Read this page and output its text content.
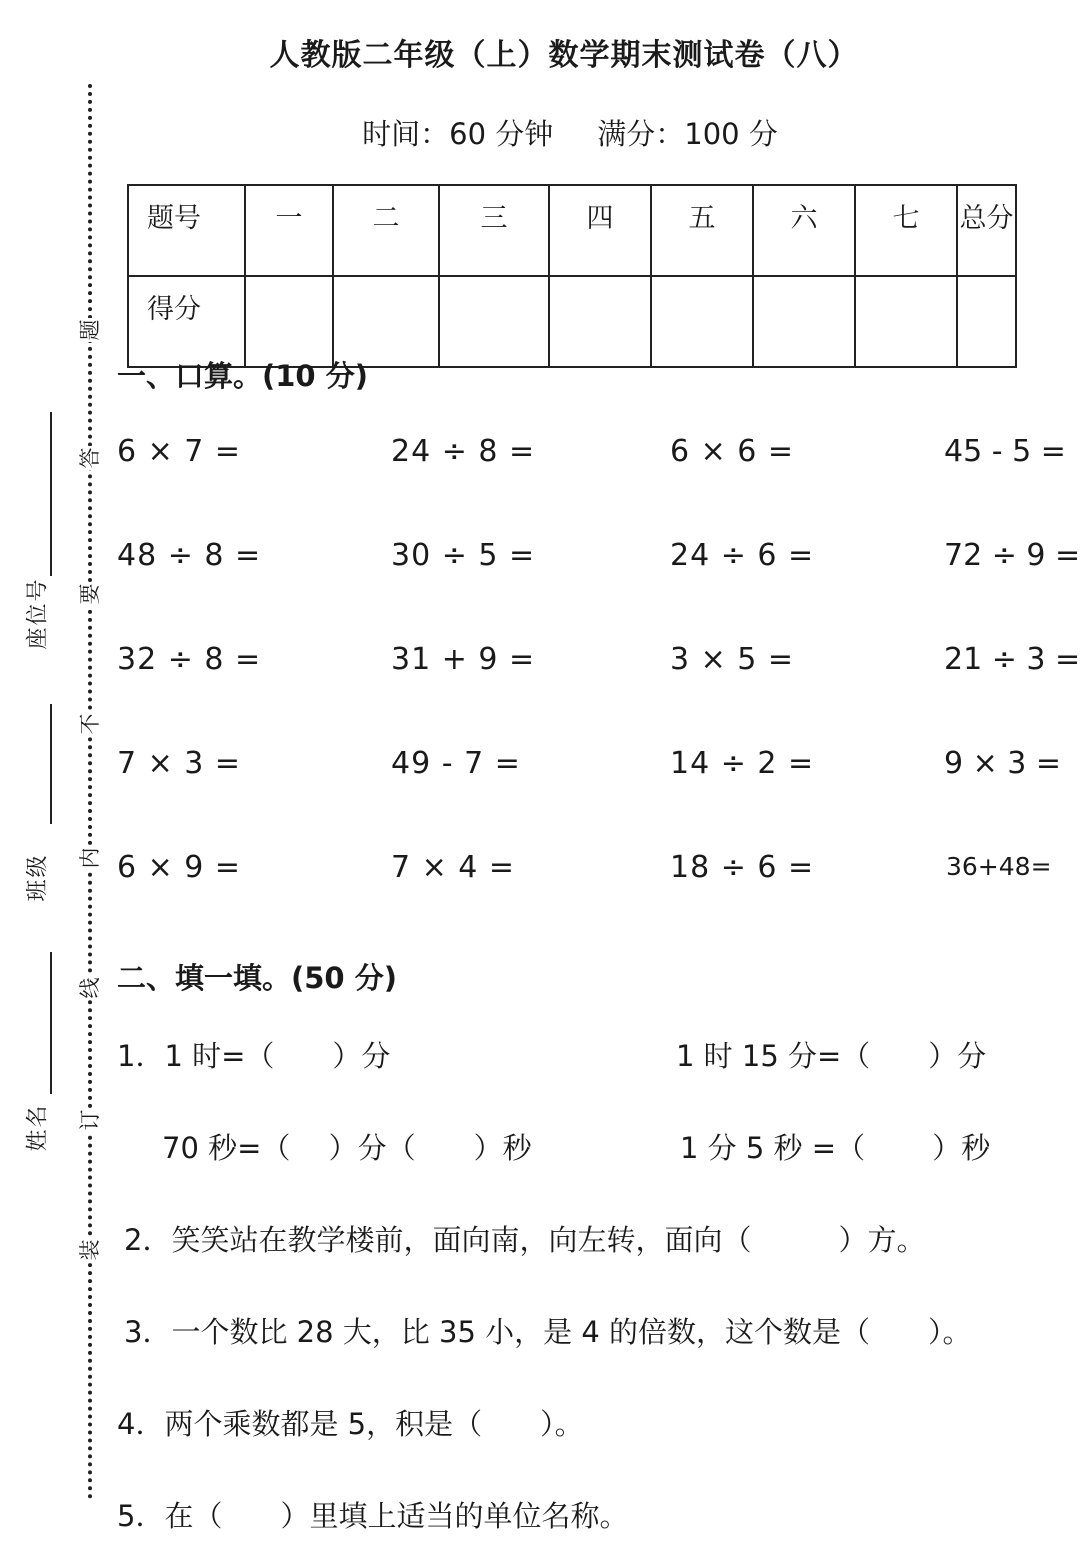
人教版二年级（上）数学期末测试卷（八）
时间：60 分钟 满分：100 分
题
答
要
不
内
线
订
装
座位号
班级
姓名
题号	一	二	三	四	五	六	七	总分
得分								
一、口算。(10 分)
6 × 7 =	24 ÷ 8 =	6 × 6 =	45 - 5 =
48 ÷ 8 =	30 ÷ 5 =	24 ÷ 6 =	72 ÷ 9 =
32 ÷ 8 =	31 + 9 =	3 × 5 =	21 ÷ 3 =
7 × 3 =	49 - 7 =	14 ÷ 2 =	9 × 3 =
6 × 9 =	7 × 4 =	18 ÷ 6 =	36+48=
二、填一填。(50 分)
1．1 时=（　　）分	1 时 15 分=（　　）分
70 秒=（　 ）分（　　）秒	1 分 5 秒 =（　　 ）秒
2．笑笑站在教学楼前，面向南，向左转，面向（　　　）方。
3．一个数比 28 大，比 35 小，是 4 的倍数，这个数是（　　）。
4．两个乘数都是 5，积是（　　）。
5．在（　　）里填上适当的单位名称。
